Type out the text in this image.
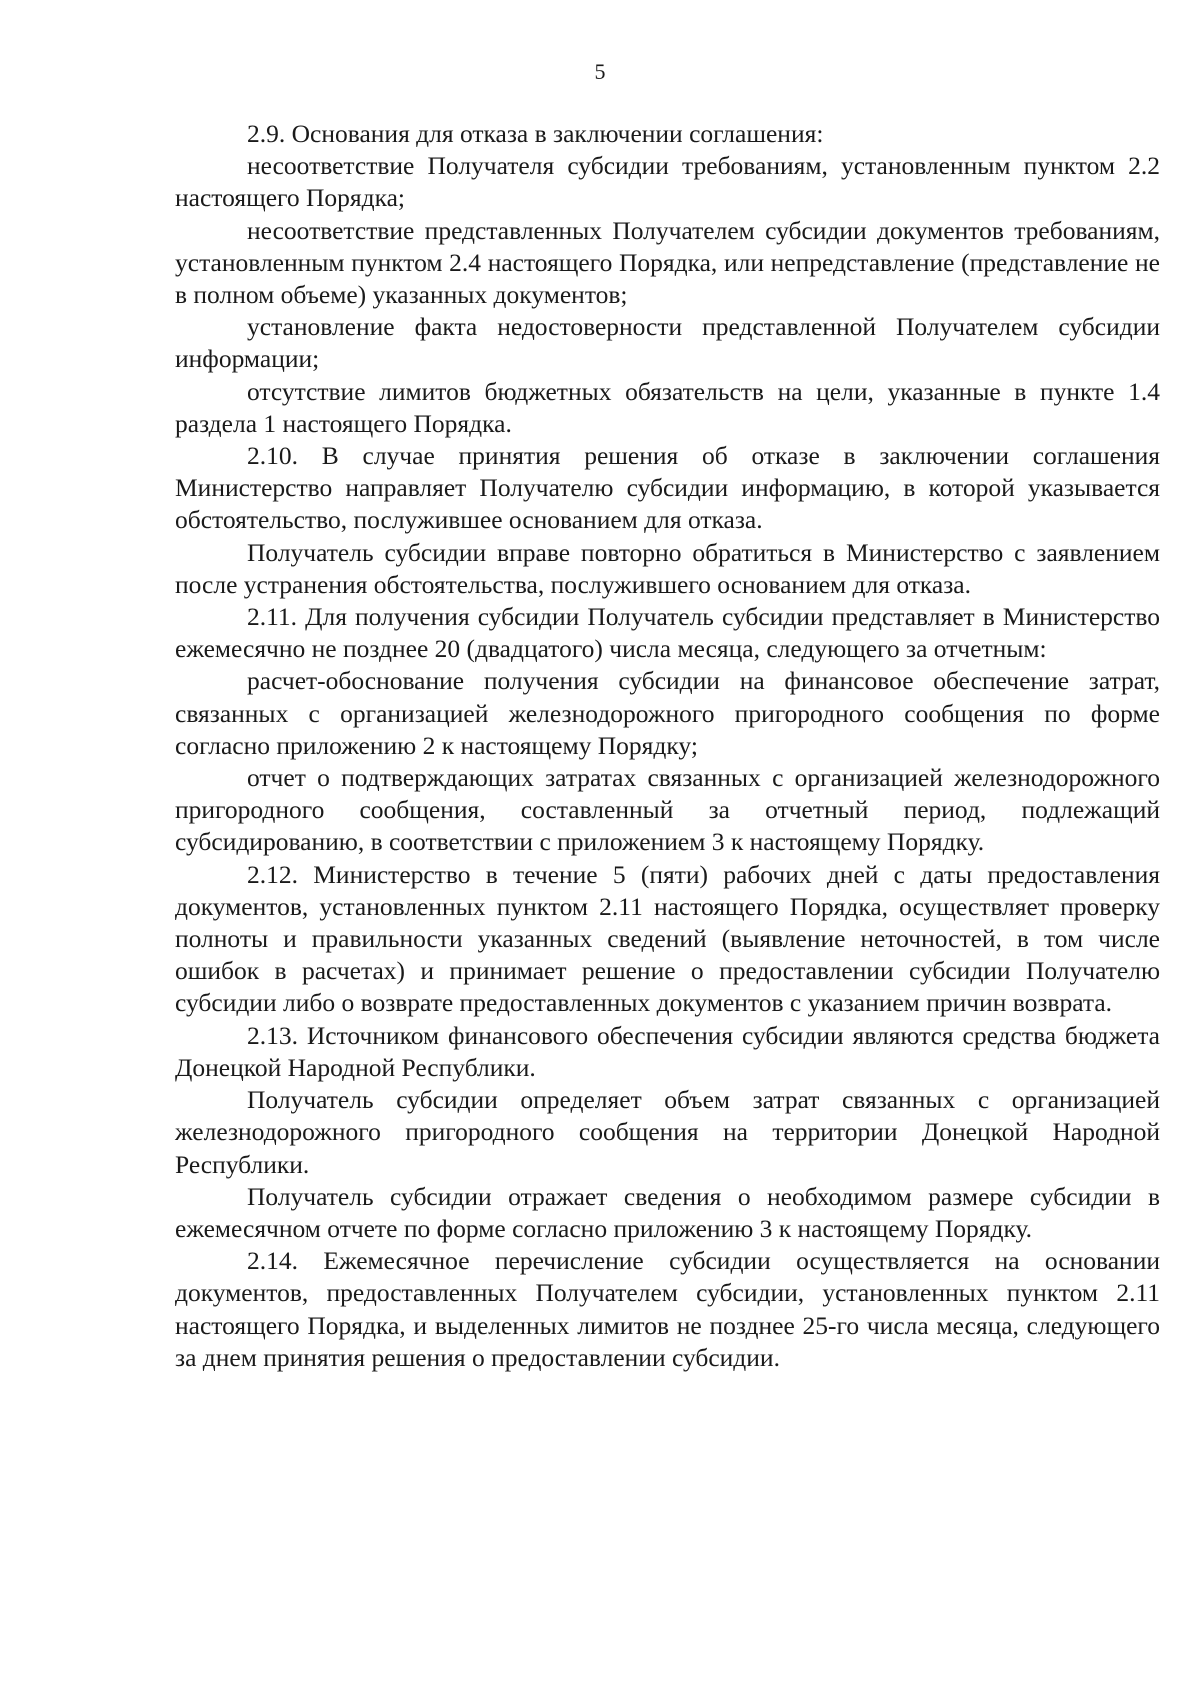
5

2.9. Основания для отказа в заключении соглашения:

несоответствие Получателя субсидии требованиям, установленным пунктом 2.2 настоящего Порядка;

несоответствие представленных Получателем субсидии документов требованиям, установленным пунктом 2.4 настоящего Порядка, или непредставление (представление не в полном объеме) указанных документов;

установление факта недостоверности представленной Получателем субсидии информации;

отсутствие лимитов бюджетных обязательств на цели, указанные в пункте 1.4 раздела 1 настоящего Порядка.

2.10. В случае принятия решения об отказе в заключении соглашения Министерство направляет Получателю субсидии информацию, в которой указывается обстоятельство, послужившее основанием для отказа.

Получатель субсидии вправе повторно обратиться в Министерство с заявлением после устранения обстоятельства, послужившего основанием для отказа.

2.11. Для получения субсидии Получатель субсидии представляет в Министерство ежемесячно не позднее 20 (двадцатого) числа месяца, следующего за отчетным:

расчет-обоснование получения субсидии на финансовое обеспечение затрат, связанных с организацией железнодорожного пригородного сообщения по форме согласно приложению 2 к настоящему Порядку;

отчет о подтверждающих затратах связанных с организацией железнодорожного пригородного сообщения, составленный за отчетный период, подлежащий субсидированию, в соответствии с приложением 3 к настоящему Порядку.

2.12. Министерство в течение 5 (пяти) рабочих дней с даты предоставления документов, установленных пунктом 2.11 настоящего Порядка, осуществляет проверку полноты и правильности указанных сведений (выявление неточностей, в том числе ошибок в расчетах) и принимает решение о предоставлении субсидии Получателю субсидии либо о возврате предоставленных документов с указанием причин возврата.

2.13. Источником финансового обеспечения субсидии являются средства бюджета Донецкой Народной Республики.

Получатель субсидии определяет объем затрат связанных с организацией железнодорожного пригородного сообщения на территории Донецкой Народной Республики.

Получатель субсидии отражает сведения о необходимом размере субсидии в ежемесячном отчете по форме согласно приложению 3 к настоящему Порядку.

2.14. Ежемесячное перечисление субсидии осуществляется на основании документов, предоставленных Получателем субсидии, установленных пунктом 2.11 настоящего Порядка, и выделенных лимитов не позднее 25-го числа месяца, следующего за днем принятия решения о предоставлении субсидии.
